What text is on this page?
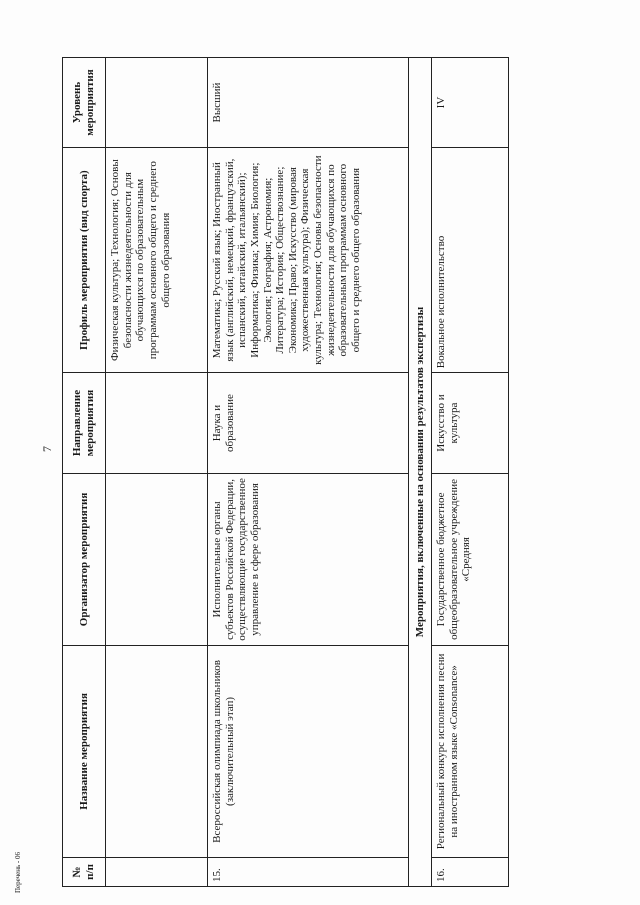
7
Перечень - 06	№ п/п	Название мероприятия	Организатор мероприятия	Направление мероприятия	Профиль мероприятия (вид спорта)	Уровень мероприятия
				Физическая культура; Технология; Основы безопасности жизнедеятельности для обучающихся по образовательным программам основного общего и среднего общего образования	
15.	Всероссийская олимпиада школьников (заключительный этап)	Исполнительные органы субъектов Российской Федерации, осуществляющие государственное управление в сфере образования	Наука и образование	Математика; Русский язык; Иностранный язык (английский, немецкий, французский, испанский, китайский, итальянский); Информатика; Физика; Химия; Биология; Экология; География; Астрономия; Литература; История; Обществознание; Экономика; Право; Искусство (мировая художественная культура); Физическая культура; Технология; Основы безопасности жизнедеятельности для обучающихся по образовательным программам основного общего и среднего общего образования	Высший
Мероприятия, включенные на основании результатов экспертизы					
16.	Региональный конкурс исполнения песни на иностранном языке «Consonance»	Государственное бюджетное общеобразовательное учреждение «Средняя	Искусство и культура	Вокальное исполнительство	IV
